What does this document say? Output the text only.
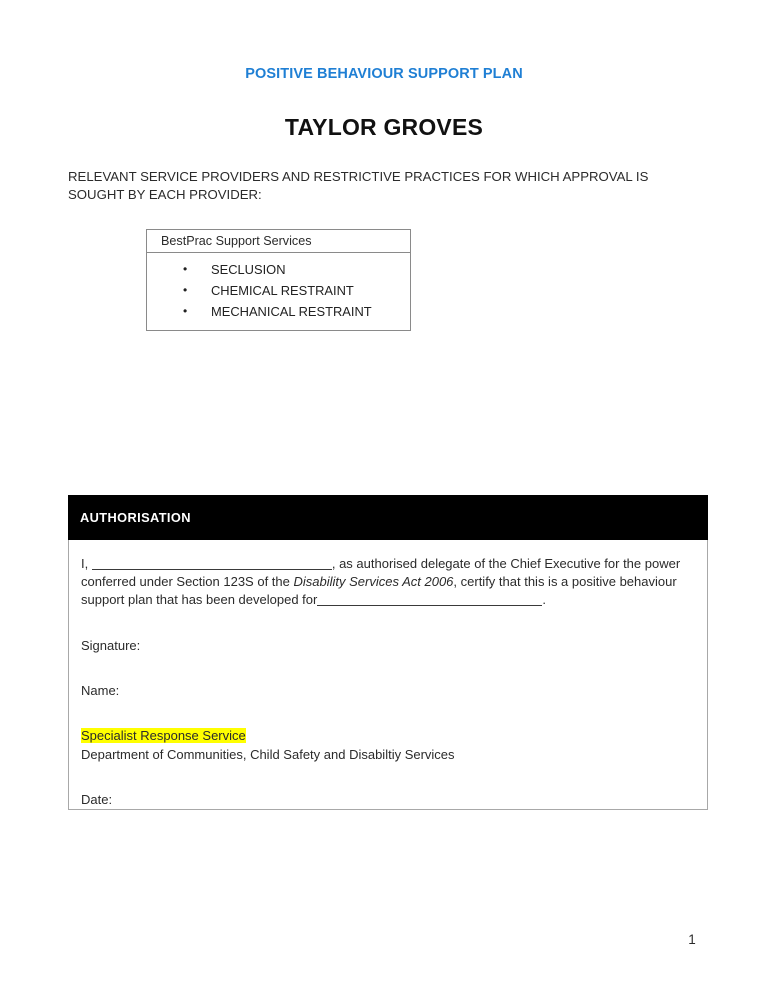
POSITIVE BEHAVIOUR SUPPORT PLAN
TAYLOR GROVES
RELEVANT SERVICE PROVIDERS AND RESTRICTIVE PRACTICES FOR WHICH APPROVAL IS SOUGHT BY EACH PROVIDER:
BestPrac Support Services
• SECLUSION
• CHEMICAL RESTRAINT
• MECHANICAL RESTRAINT
AUTHORISATION

I,	, as authorised delegate of the Chief Executive for the power conferred under Section 123S of the Disability Services Act 2006, certify that this is a positive behaviour support plan that has been developed for	.

Signature:
Name:
Specialist Response Service
Department of Communities, Child Safety and Disabiltiy Services
Date:
1
